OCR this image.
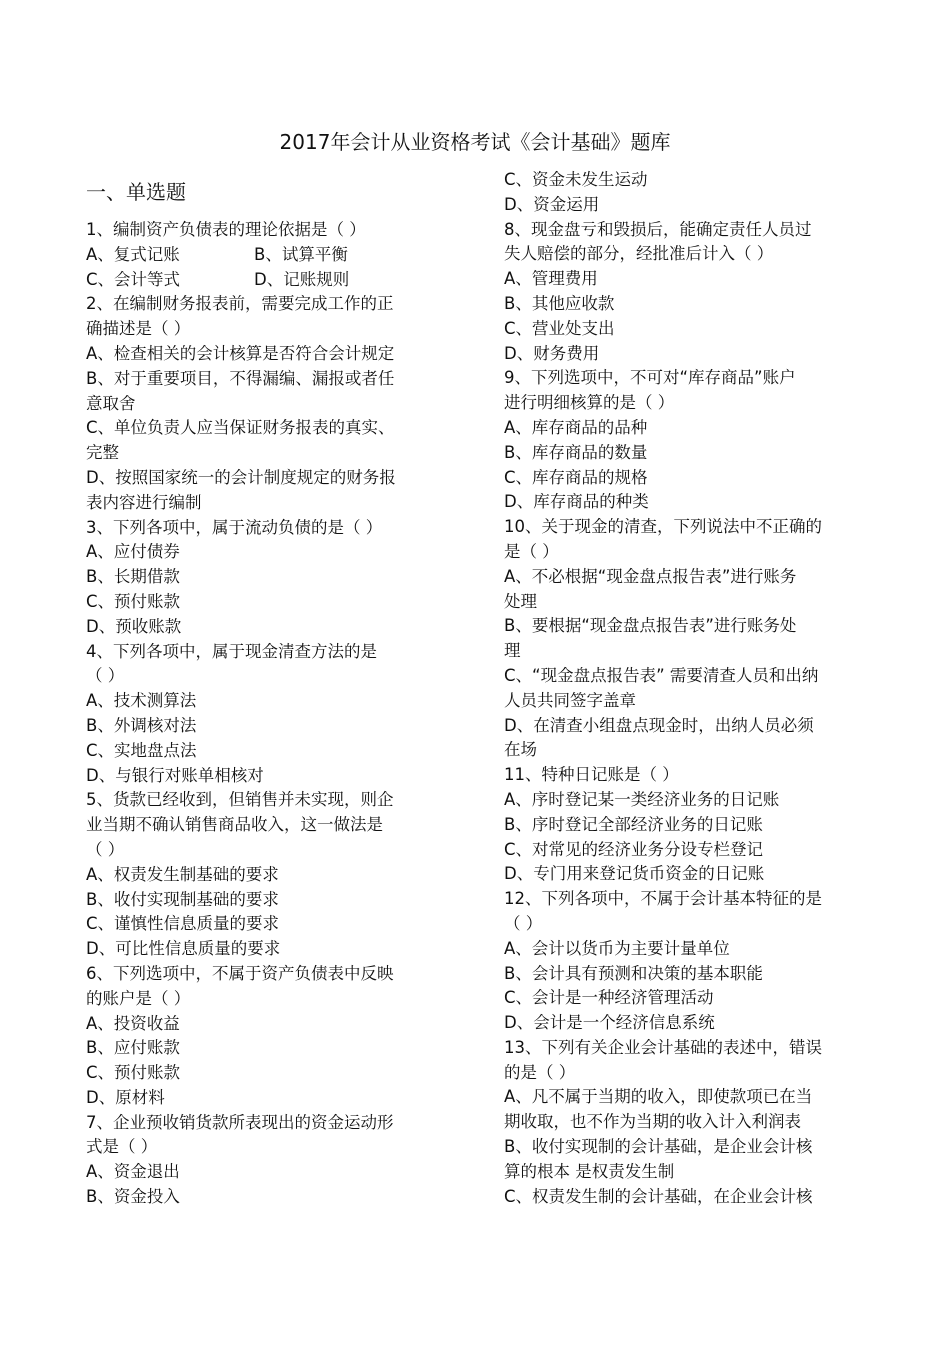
2017年会计从业资格考试《会计基础》题库
一、单选题
1、编制资产负债表的理论依据是（ ）
A、复式记账	B、试算平衡
C、会计等式	D、记账规则
2、在编制财务报表前，需要完成工作的正
确描述是（ ）
A、检查相关的会计核算是否符合会计规定
B、对于重要项目，不得漏编、漏报或者任
意取舍
C、单位负责人应当保证财务报表的真实、
完整
D、按照国家统一的会计制度规定的财务报
表内容进行编制
3、下列各项中，属于流动负债的是（ ）
A、应付债券
B、长期借款
C、预付账款
D、预收账款
4、下列各项中，属于现金清查方法的是
（ ）
A、技术测算法
B、外调核对法
C、实地盘点法
D、与银行对账单相核对
5、货款已经收到，但销售并未实现，则企
业当期不确认销售商品收入，这一做法是
（ ）
A、权责发生制基础的要求
B、收付实现制基础的要求
C、谨慎性信息质量的要求
D、可比性信息质量的要求
6、下列选项中，不属于资产负债表中反映
的账户是（ ）
A、投资收益
B、应付账款
C、预付账款
D、原材料
7、企业预收销货款所表现出的资金运动形
式是（ ）
A、资金退出
B、资金投入
C、资金未发生运动
D、资金运用
8、现金盘亏和毁损后，能确定责任人员过
失人赔偿的部分，经批准后计入（ ）
A、管理费用
B、其他应收款
C、营业处支出
D、财务费用
9、下列选项中，不可对“库存商品”账户
进行明细核算的是（ ）
A、库存商品的品种
B、库存商品的数量
C、库存商品的规格
D、库存商品的种类
10、关于现金的清查，下列说法中不正确的
是（ ）
A、不必根据“现金盘点报告表”进行账务
处理
B、要根据“现金盘点报告表”进行账务处
理
C、“现金盘点报告表” 需要清查人员和出纳
人员共同签字盖章
D、在清查小组盘点现金时，出纳人员必须
在场
11、特种日记账是（ ）
A、序时登记某一类经济业务的日记账
B、序时登记全部经济业务的日记账
C、对常见的经济业务分设专栏登记
D、专门用来登记货币资金的日记账
12、下列各项中，不属于会计基本特征的是
（ ）
A、会计以货币为主要计量单位
B、会计具有预测和决策的基本职能
C、会计是一种经济管理活动
D、会计是一个经济信息系统
13、下列有关企业会计基础的表述中，错误
的是（ ）
A、凡不属于当期的收入，即使款项已在当
期收取，也不作为当期的收入计入利润表
B、收付实现制的会计基础，是企业会计核
算的根本 是权责发生制
C、权责发生制的会计基础，在企业会计核
